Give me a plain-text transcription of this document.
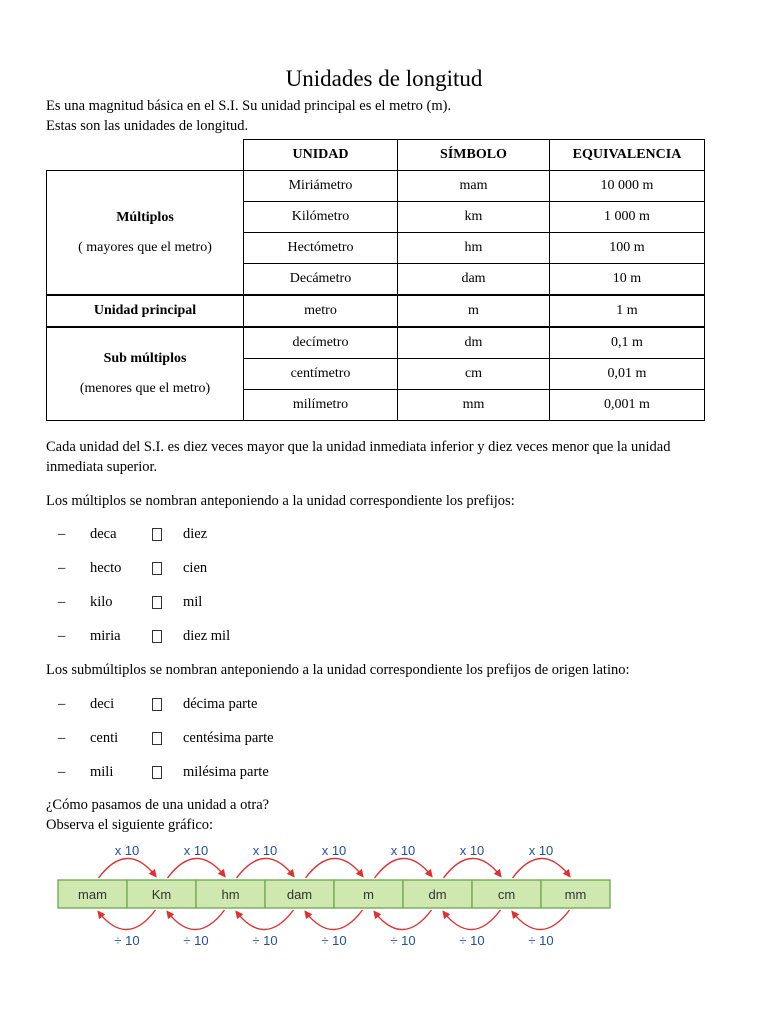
Unidades de longitud
Es una magnitud básica en el S.I. Su unidad principal es el metro (m).
Estas son las unidades de longitud.
	UNIDAD	SÍMBOLO	EQUIVALENCIA

Múltiplos
( mayores que el metro)	Miriámetro	mam	10 000 m
	Kilómetro	km	1 000 m
	Hectómetro	hm	100 m
	Decámetro	dam	10 m
Unidad principal	metro	m	1 m

Sub múltiplos
(menores que el metro)	decímetro	dm	0,1 m
	centímetro	cm	0,01 m
	milímetro	mm	0,001 m
Cada unidad del S.I. es diez veces mayor que la unidad inmediata inferior y diez veces menor que la unidad inmediata superior.
Los múltiplos se nombran anteponiendo a la unidad correspondiente los prefijos:
– deca	diez
– hecto	cien
– kilo	mil
– miria	diez mil
Los submúltiplos se nombran anteponiendo a la unidad correspondiente los prefijos de origen latino:
– deci	décima parte
– centi	centésima parte
– mili	milésima parte
¿Cómo pasamos de una unidad a otra?
Observa el siguiente gráfico:
mam	Km	hm	dam	m	dm	cm	mm
x 10
÷ 10
x 10
÷ 10
x 10
÷ 10
x 10
÷ 10
x 10
÷ 10
x 10
÷ 10
x 10
÷ 10
